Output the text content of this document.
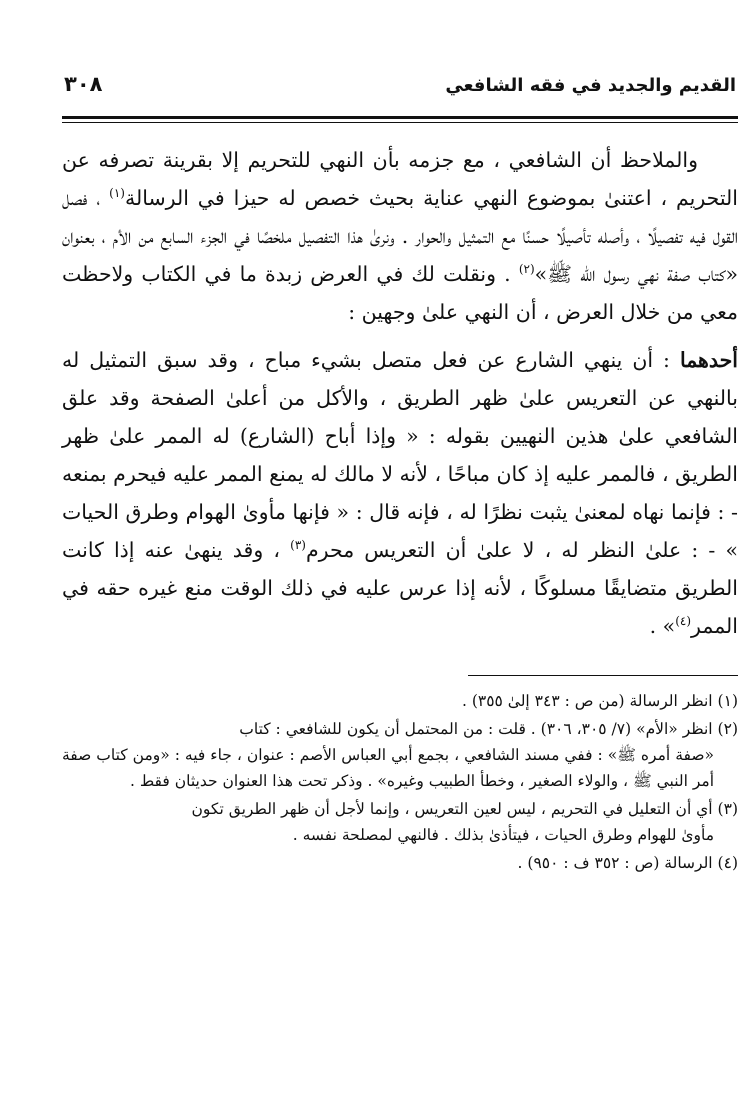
القديم والجديد في فقه الشافعي
٣٠٨

والملاحظ أن الشافعي ، مع جزمه بأن النهي للتحريم إلا بقرينة تصرفه عن التحريم ، اعتنىٰ بموضوع النهي عناية بحيث خصص له حيزا في الرسالة$^{(١)}$ ، فصل القول فيه تفصيلًا ، وأصله تأصيلًا حسنًا مع التمثيل والحوار . ونرىٰ هذا التفصيل ملخصًا في الجزء السابع من الأم ، بعنوان «كتاب صفة نهي رسول اللّه ﷺ»$^{(٢)}$ . ونقلت لك في العرض زبدة ما في الكتاب ولاحظت معي من خلال العرض ، أن النهي علىٰ وجهين :

أحدهما : أن ينهي الشارع عن فعل متصل بشيء مباح ، وقد سبق التمثيل له بالنهي عن التعريس علىٰ ظهر الطريق ، والأكل من أعلىٰ الصفحة وقد علق الشافعي علىٰ هذين النهيين بقوله : « وإذا أباح (الشارع) له الممر علىٰ ظهر الطريق ، فالممر عليه إذ كان مباحًا ، لأنه لا مالك له يمنع الممر عليه فيحرم بمنعه - : فإنما نهاه لمعنىٰ يثبت نظرًا له ، فإنه قال : « فإنها مأوىٰ الهوام وطرق الحيات » - : علىٰ النظر له ، لا علىٰ أن التعريس محرم$^{(٣)}$ ، وقد ينهىٰ عنه إذا كانت الطريق متضايقًا مسلوكًا ، لأنه إذا عرس عليه في ذلك الوقت منع غيره حقه في الممر$^{(٤)}$» .

(١) انظر الرسالة (من ص : ٣٤٣ إلىٰ ٣٥٥) .

(٢) انظر «الأم» (٧/ ٣٠٥، ٣٠٦) . قلت : من المحتمل أن يكون للشافعي : كتاب
«صفة أمره ﷺ» : ففي مسند الشافعي ، بجمع أبي العباس الأصم : عنوان ، جاء فيه : «ومن كتاب صفة أمر النبي ﷺ ، والولاء الصغير ، وخطأ الطبيب وغيره» . وذكر تحت هذا العنوان حديثان فقط .

(٣) أي أن التعليل في التحريم ، ليس لعين التعريس ، وإنما لأجل أن ظهر الطريق تكون
مأوىٰ للهوام وطرق الحيات ، فيتأذىٰ بذلك . فالنهي لمصلحة نفسه .

(٤) الرسالة (ص : ٣٥٢ ف : ٩٥٠) .
